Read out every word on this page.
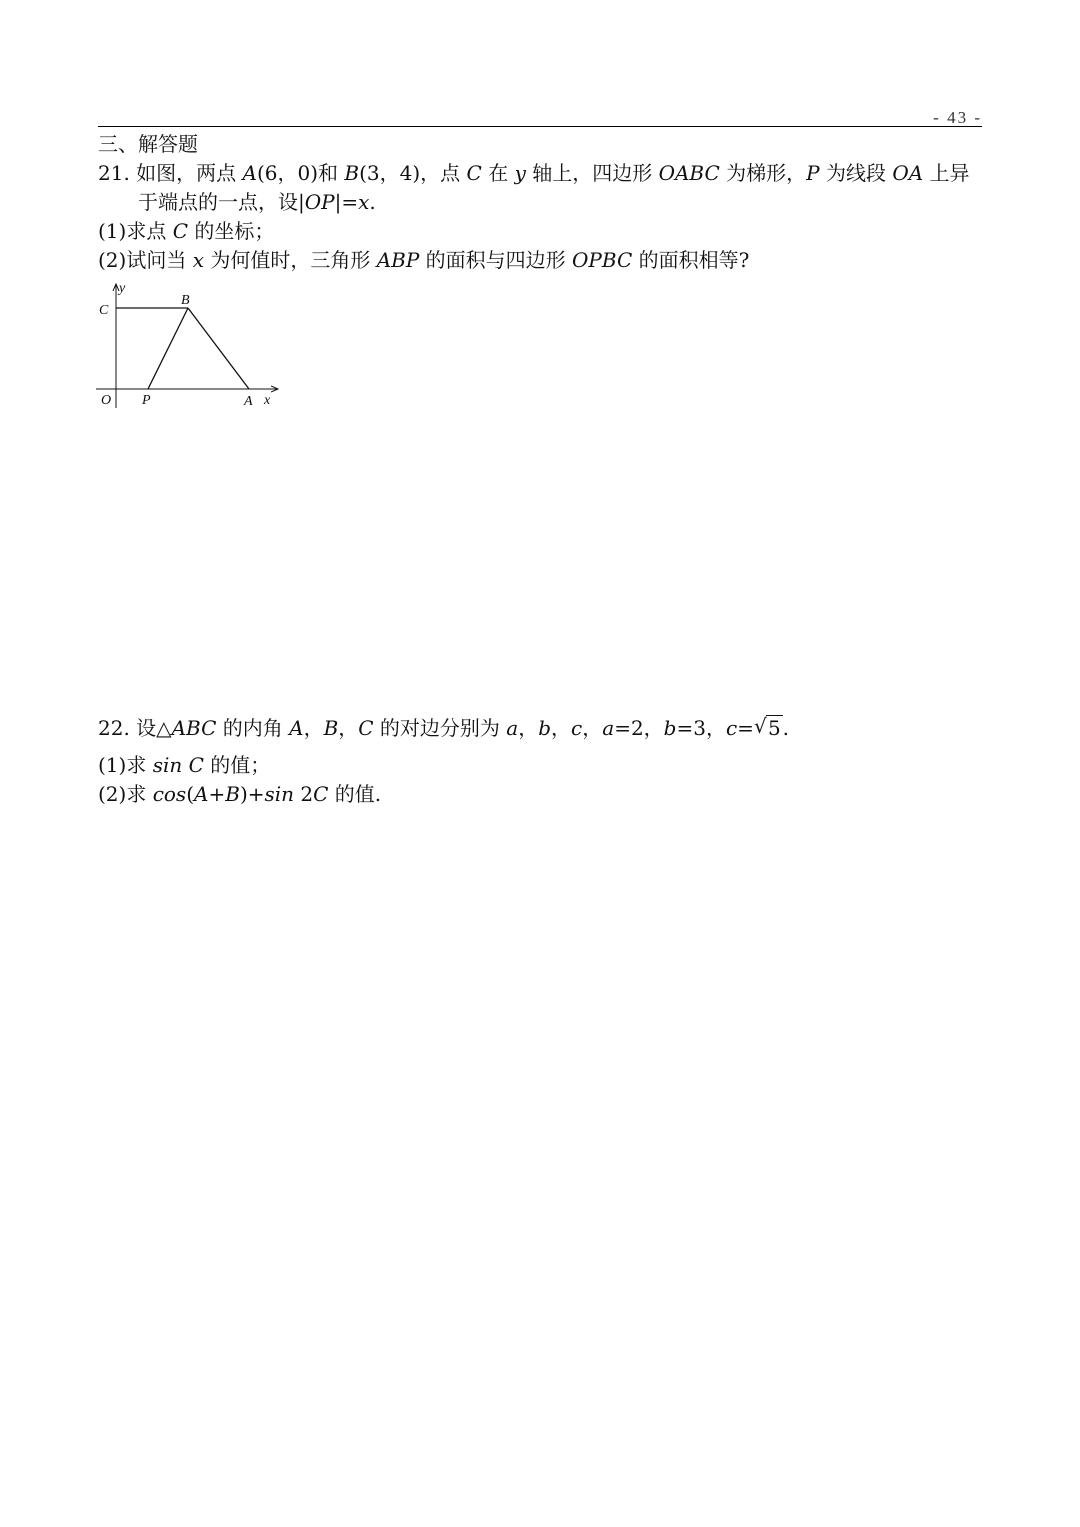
- 43 -
三、解答题
21. 如图，两点 A(6，0)和 B(3，4)，点 C 在 y 轴上，四边形 OABC 为梯形，P 为线段 OA 上异
于端点的一点，设|OP|=x.
(1)求点 C 的坐标；
(2)试问当 x 为何值时，三角形 ABP 的面积与四边形 OPBC 的面积相等?
y
C
B
O P	A x
22. 设△ABC 的内角 A，B，C 的对边分别为 a，b，c，a=2，b=3，c= √ 5 .
(1)求 sin C 的值；
(2)求 cos(A+B)+sin 2C 的值.
